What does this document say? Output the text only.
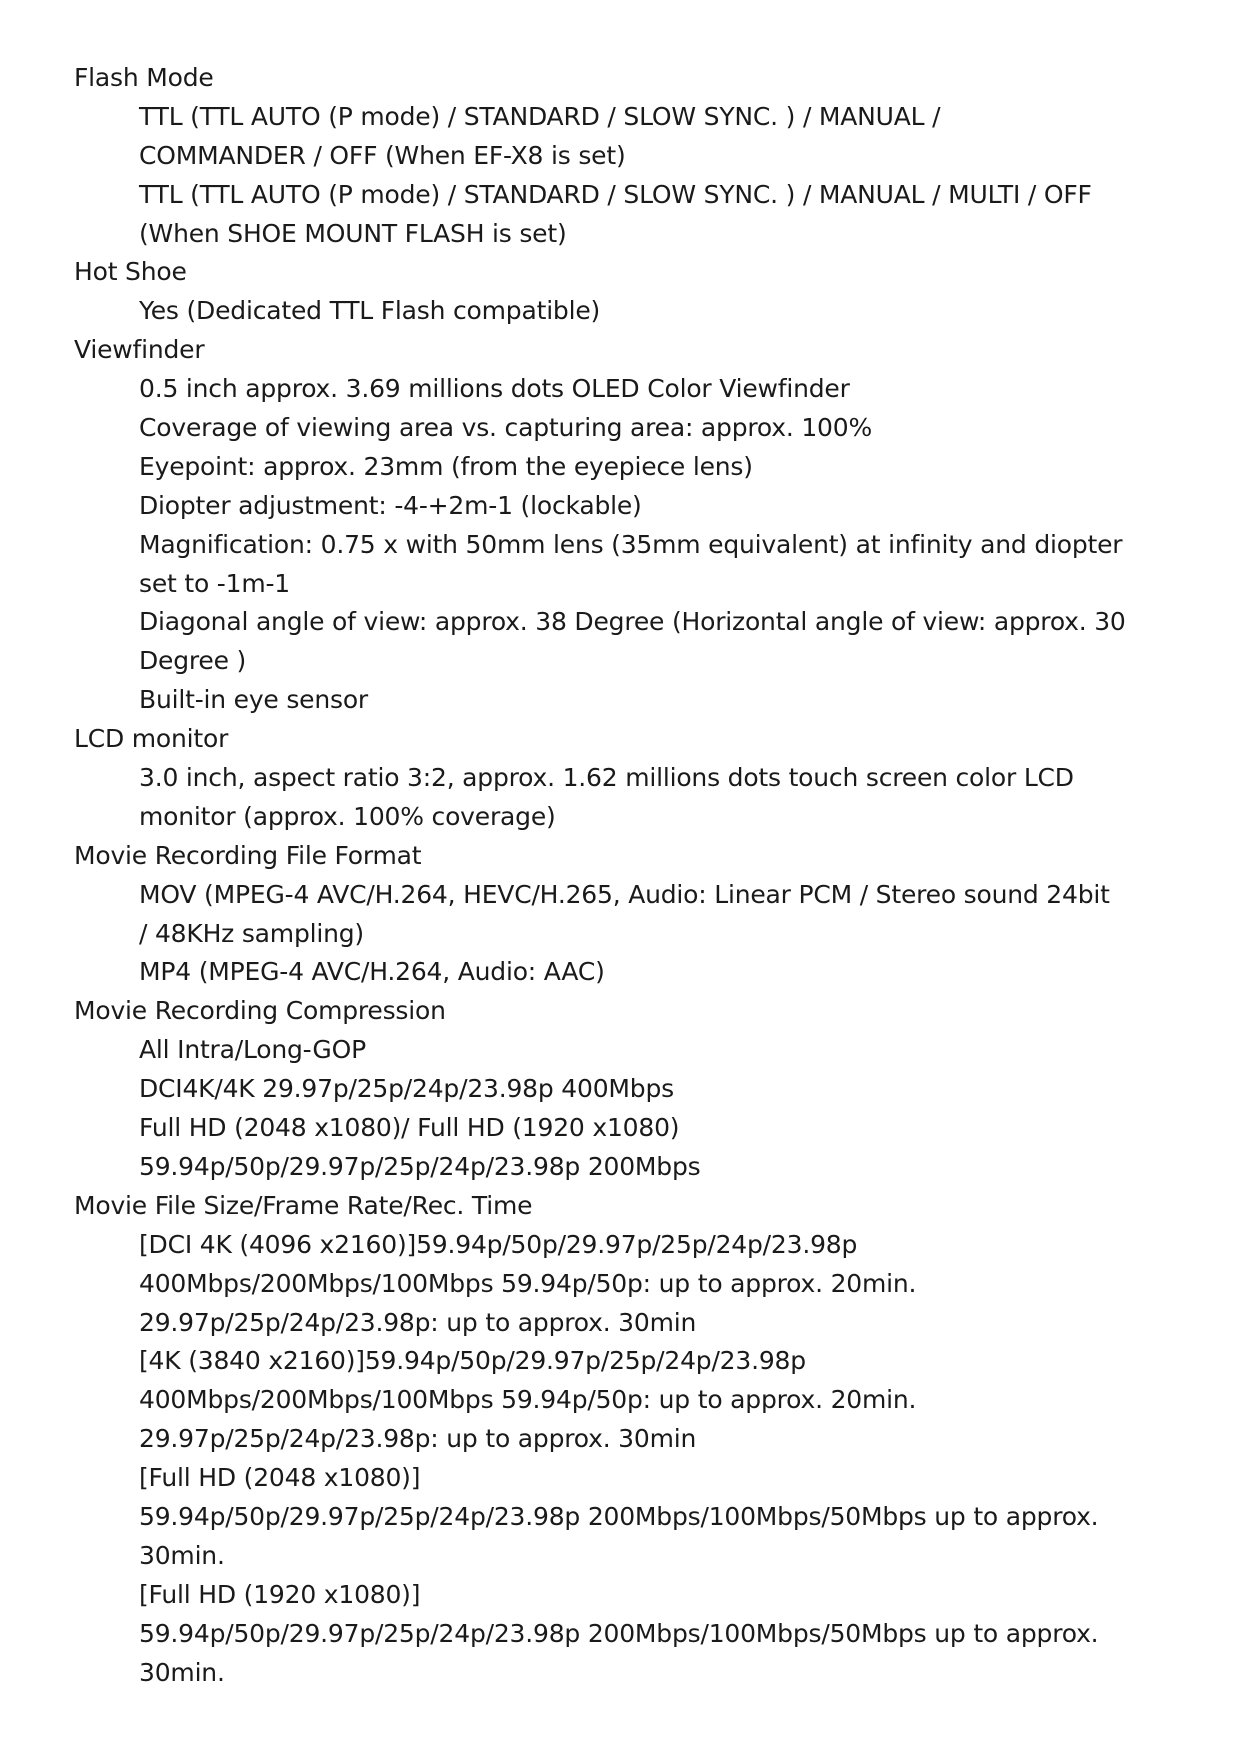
Flash Mode
TTL (TTL AUTO (P mode) / STANDARD / SLOW SYNC. ) / MANUAL /
COMMANDER / OFF (When EF-X8 is set)
TTL (TTL AUTO (P mode) / STANDARD / SLOW SYNC. ) / MANUAL / MULTI / OFF
(When SHOE MOUNT FLASH is set)
Hot Shoe
Yes (Dedicated TTL Flash compatible)
Viewfinder
0.5 inch approx. 3.69 millions dots OLED Color Viewfinder
Coverage of viewing area vs. capturing area: approx. 100%
Eyepoint: approx. 23mm (from the eyepiece lens)
Diopter adjustment: -4-+2m-1 (lockable)
Magnification: 0.75 x with 50mm lens (35mm equivalent) at infinity and diopter
set to -1m-1
Diagonal angle of view: approx. 38 Degree (Horizontal angle of view: approx. 30
Degree )
Built-in eye sensor
LCD monitor
3.0 inch, aspect ratio 3:2, approx. 1.62 millions dots touch screen color LCD
monitor (approx. 100% coverage)
Movie Recording File Format
MOV (MPEG-4 AVC/H.264, HEVC/H.265, Audio: Linear PCM / Stereo sound 24bit
/ 48KHz sampling)
MP4 (MPEG-4 AVC/H.264, Audio: AAC)
Movie Recording Compression
All Intra/Long-GOP
DCI4K/4K 29.97p/25p/24p/23.98p 400Mbps
Full HD (2048 x1080)/ Full HD (1920 x1080)
59.94p/50p/29.97p/25p/24p/23.98p 200Mbps
Movie File Size/Frame Rate/Rec. Time
[DCI 4K (4096 x2160)]59.94p/50p/29.97p/25p/24p/23.98p
400Mbps/200Mbps/100Mbps 59.94p/50p: up to approx. 20min.
29.97p/25p/24p/23.98p: up to approx. 30min
[4K (3840 x2160)]59.94p/50p/29.97p/25p/24p/23.98p
400Mbps/200Mbps/100Mbps 59.94p/50p: up to approx. 20min.
29.97p/25p/24p/23.98p: up to approx. 30min
[Full HD (2048 x1080)]
59.94p/50p/29.97p/25p/24p/23.98p 200Mbps/100Mbps/50Mbps up to approx.
30min.
[Full HD (1920 x1080)]
59.94p/50p/29.97p/25p/24p/23.98p 200Mbps/100Mbps/50Mbps up to approx.
30min.
